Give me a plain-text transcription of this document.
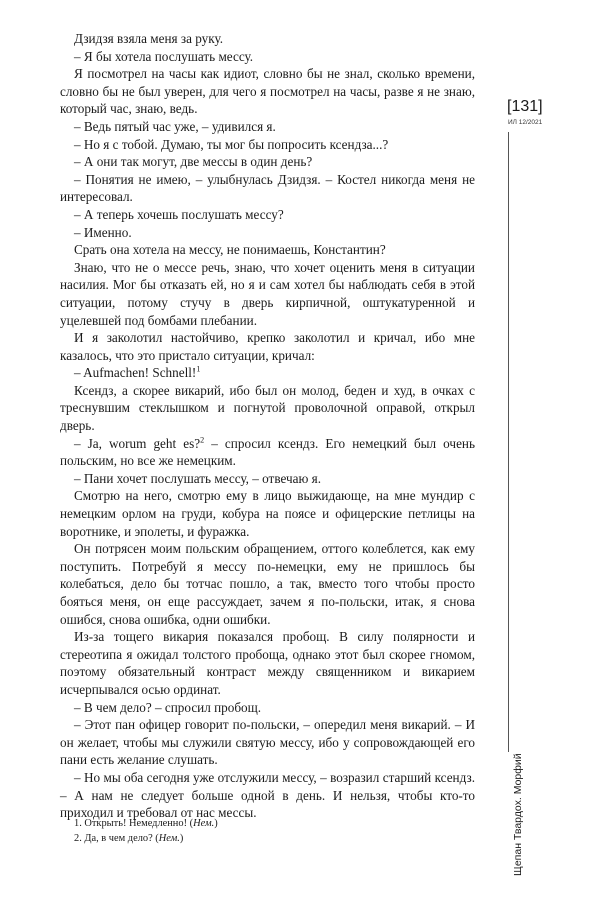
[131]
ИЛ 12/2021
Щепан Твардох. Морфий

Дзидзя взяла меня за руку.

– Я бы хотела послушать мессу.

Я посмотрел на часы как идиот, словно бы не знал, сколько времени, словно бы не был уверен, для чего я посмотрел на часы, разве я не знаю, который час, знаю, ведь.

– Ведь пятый час уже, – удивился я.

– Но я с тобой. Думаю, ты мог бы попросить ксендза...?

– А они так могут, две мессы в один день?

– Понятия не имею, – улыбнулась Дзидзя. – Костел никогда меня не интересовал.

– А теперь хочешь послушать мессу?

– Именно.

Срать она хотела на мессу, не понимаешь, Константин?

Знаю, что не о мессе речь, знаю, что хочет оценить меня в ситуации насилия. Мог бы отказать ей, но я и сам хотел бы наблюдать себя в этой ситуации, потому стучу в дверь кирпичной, оштукатуренной и уцелевшей под бомбами плебании.

И я заколотил настойчиво, крепко заколотил и кричал, ибо мне казалось, что это пристало ситуации, кричал:

– Aufmachen! Schnell!$^1$

Ксендз, а скорее викарий, ибо был он молод, беден и худ, в очках с треснувшим стеклышком и погнутой проволочной оправой, открыл дверь.

– Ja, worum geht es?$^2$ – спросил ксендз. Его немецкий был очень польским, но все же немецким.

– Пани хочет послушать мессу, – отвечаю я.

Смотрю на него, смотрю ему в лицо выжидающе, на мне мундир с немецким орлом на груди, кобура на поясе и офицерские петлицы на воротнике, и эполеты, и фуражка.

Он потрясен моим польским обращением, оттого колеблется, как ему поступить. Потребуй я мессу по-немецки, ему не пришлось бы колебаться, дело бы тотчас пошло, а так, вместо того чтобы просто бояться меня, он еще рассуждает, зачем я по-польски, итак, я снова ошибся, снова ошибка, одни ошибки.

Из-за тощего викария показался пробощ. В силу полярности и стереотипа я ожидал толстого пробоща, однако этот был скорее гномом, поэтому обязательный контраст между священником и викарием исчерпывался осью ординат.

– В чем дело? – спросил пробощ.

– Этот пан офицер говорит по-польски, – опередил меня викарий. – И он желает, чтобы мы служили святую мессу, ибо у сопровождающей его пани есть желание слушать.

– Но мы оба сегодня уже отслужили мессу, – возразил старший ксендз. – А нам не следует больше одной в день. И нельзя, чтобы кто-то приходил и требовал от нас мессы.

1. Открыть! Немедленно! (Нем.)

2. Да, в чем дело? (Нем.)
